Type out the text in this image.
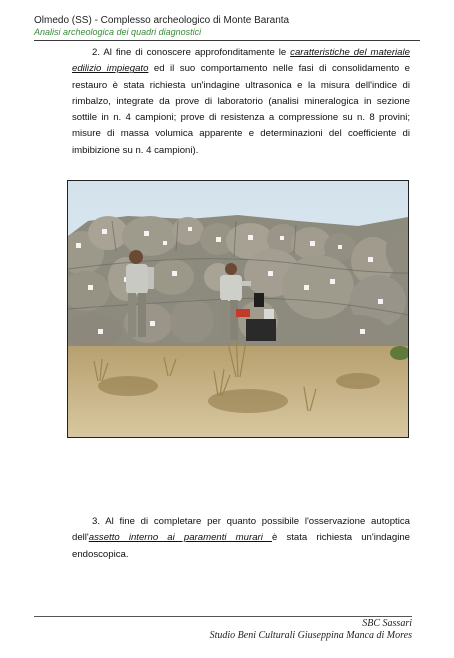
Olmedo (SS) - Complesso archeologico di Monte Baranta
Analisi archeologica dei quadri diagnostici
2. Al fine di conoscere approfonditamente le caratteristiche del materiale edilizio impiegato ed il suo comportamento nelle fasi di consolidamento e restauro è stata richiesta un'indagine ultrasonica e la misura dell'indice di rimbalzo, integrate da prove di laboratorio (analisi mineralogica in sezione sottile in n. 4 campioni; prove di resistenza a compressione su n. 8 provini; misure di massa volumica apparente e determinazioni del coefficiente di imbibizione su n. 4 campioni).
3. Al fine di completare per quanto possibile l'osservazione autoptica dell'assetto interno ai paramenti murari è stata richiesta un'indagine endoscopica.
SBC Sassari
Studio Beni Culturali Giuseppina Manca di Mores
